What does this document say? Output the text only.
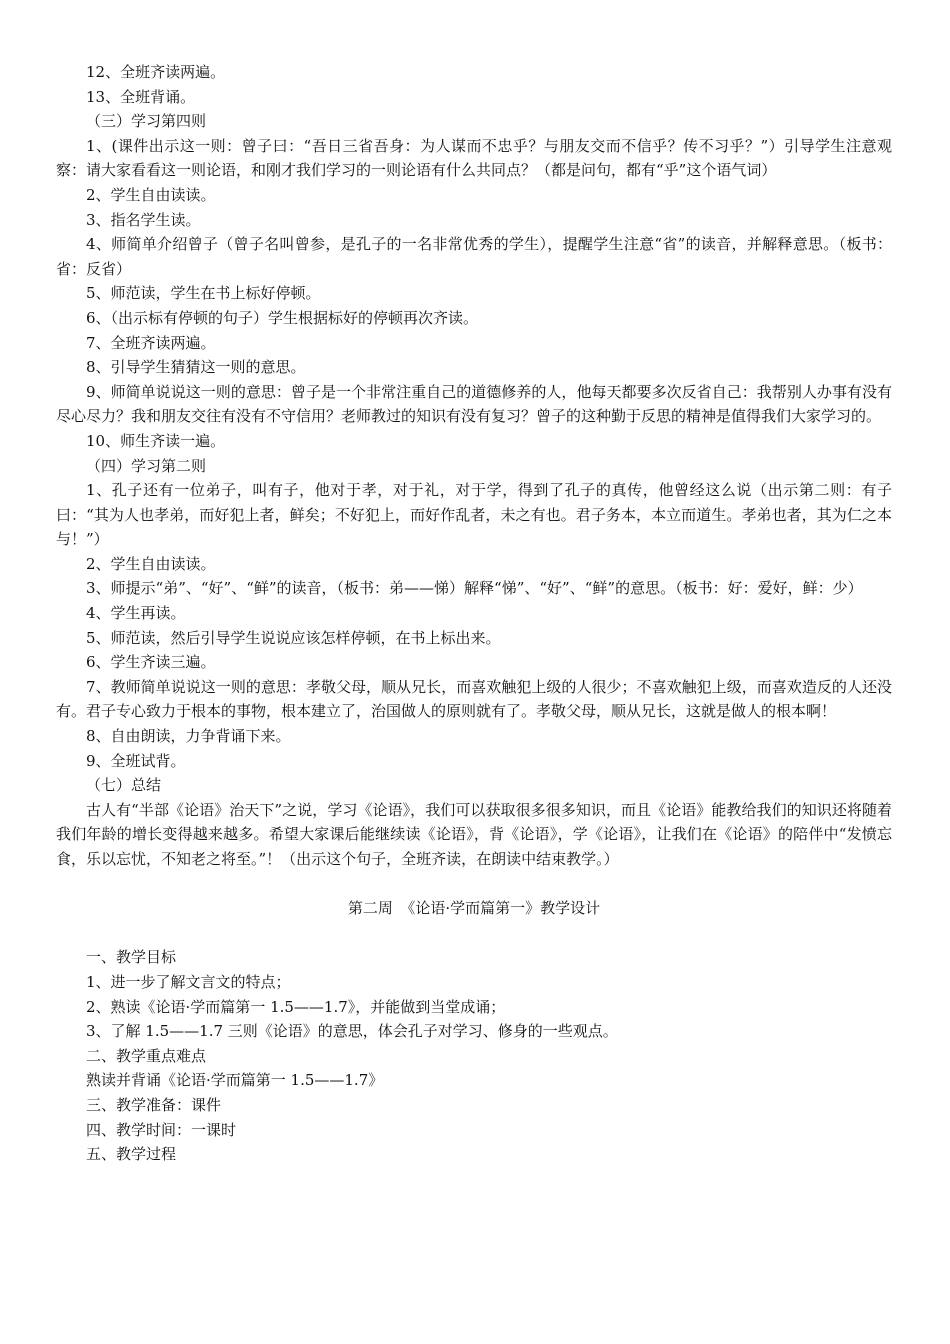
12、全班齐读两遍。

13、全班背诵。

（三）学习第四则

1、(课件出示这一则：曾子曰：“吾日三省吾身：为人谋而不忠乎？与朋友交而不信乎？传不习乎？”）引导学生注意观察：请大家看看这一则论语，和刚才我们学习的一则论语有什么共同点？（都是问句，都有“乎”这个语气词）

2、学生自由读读。

3、指名学生读。

4、师简单介绍曾子（曾子名叫曾参，是孔子的一名非常优秀的学生），提醒学生注意“省”的读音，并解释意思。（板书：省：反省）

5、师范读，学生在书上标好停顿。

6、（出示标有停顿的句子）学生根据标好的停顿再次齐读。

7、全班齐读两遍。

8、引导学生猜猜这一则的意思。

9、师简单说说这一则的意思：曾子是一个非常注重自己的道德修养的人，他每天都要多次反省自己：我帮别人办事有没有尽心尽力？我和朋友交往有没有不守信用？老师教过的知识有没有复习？曾子的这种勤于反思的精神是值得我们大家学习的。

10、师生齐读一遍。

（四）学习第二则

1、孔子还有一位弟子，叫有子，他对于孝，对于礼，对于学，得到了孔子的真传，他曾经这么说（出示第二则：有子曰：“其为人也孝弟，而好犯上者，鲜矣；不好犯上，而好作乱者，未之有也。君子务本，本立而道生。孝弟也者，其为仁之本与！”）

2、学生自由读读。

3、师提示“弟”、“好”、“鲜”的读音，（板书：弟——悌）解释“悌”、“好”、“鲜”的意思。（板书：好：爱好，鲜：少）

4、学生再读。

5、师范读，然后引导学生说说应该怎样停顿，在书上标出来。

6、学生齐读三遍。

7、教师简单说说这一则的意思：孝敬父母，顺从兄长，而喜欢触犯上级的人很少；不喜欢触犯上级，而喜欢造反的人还没有。君子专心致力于根本的事物，根本建立了，治国做人的原则就有了。孝敬父母，顺从兄长，这就是做人的根本啊！

8、自由朗读，力争背诵下来。

9、全班试背。

（七）总结

古人有“半部《论语》治天下”之说，学习《论语》，我们可以获取很多很多知识，而且《论语》能教给我们的知识还将随着我们年龄的增长变得越来越多。希望大家课后能继续读《论语》，背《论语》，学《论语》，让我们在《论语》的陪伴中“发愤忘食，乐以忘忧，不知老之将至。”！（出示这个句子，全班齐读，在朗读中结束教学。）

第二周　《论语·学而篇第一》教学设计

一、教学目标

1、进一步了解文言文的特点；

2、熟读《论语·学而篇第一 1.5——1.7》，并能做到当堂成诵；

3、了解 1.5——1.7 三则《论语》的意思，体会孔子对学习、修身的一些观点。

二、教学重点难点

熟读并背诵《论语·学而篇第一 1.5——1.7》

三、教学准备：课件

四、教学时间：一课时

五、教学过程
